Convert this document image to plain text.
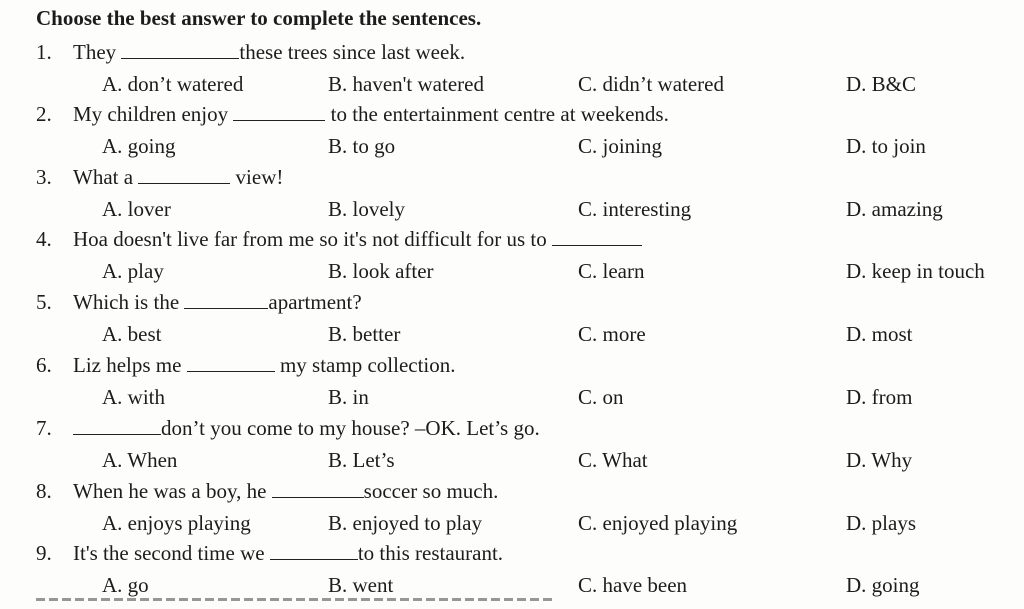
Choose the best answer to complete the sentences.
1. They	these trees since last week.
A. don’t watered	B. haven't watered	C. didn’t watered	D. B&C
2. My children enjoy	to the entertainment centre at weekends.
A. going	B. to go	C. joining	D. to join
3. What a	view!
A. lover	B. lovely	C. interesting	D. amazing
4. Hoa doesn't live far from me so it's not difficult for us to
A. play	B. look after	C. learn	D. keep in touch
5. Which is the	apartment?
A. best	B. better	C. more	D. most
6. Liz helps me	my stamp collection.
A. with	B. in	C. on	D. from
7.	don’t you come to my house? –OK. Let’s go.
A. When	B. Let’s	C. What	D. Why
8. When he was a boy, he	soccer so much.
A. enjoys playing	B. enjoyed to play	C. enjoyed playing	D. plays
9. It's the second time we	to this restaurant.
A. go	B. went	C. have been	D. going
